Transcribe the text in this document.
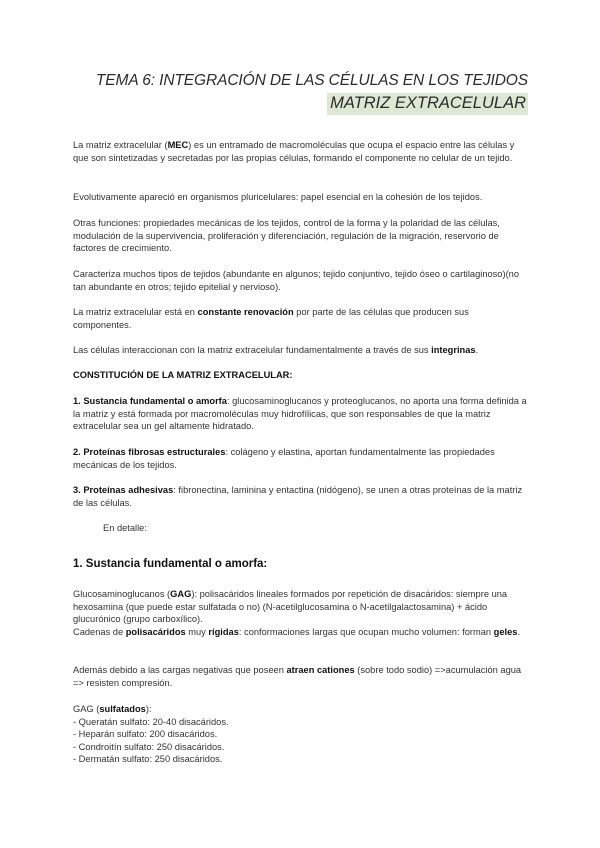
TEMA 6: INTEGRACIÓN DE LAS CÉLULAS EN LOS TEJIDOS
MATRIZ EXTRACELULAR

La matriz extracelular (MEC) es un entramado de macromoléculas que ocupa el espacio entre las células y que son sintetizadas y secretadas por las propias células, formando el componente no celular de un tejido.

Evolutivamente apareció en organismos pluricelulares: papel esencial en la cohesión de los tejidos.

Otras funciones: propiedades mecánicas de los tejidos, control de la forma y la polaridad de las células, modulación de la supervivencia, proliferación y diferenciación, regulación de la migración, reservorio de factores de crecimiento.

Caracteriza muchos tipos de tejidos (abundante en algunos; tejido conjuntivo, tejido óseo o cartilaginoso)(no tan abundante en otros; tejido epitelial y nervioso).

La matriz extracelular está en constante renovación por parte de las células que producen sus componentes.

Las células interaccionan con la matriz extracelular fundamentalmente a través de sus integrinas.

CONSTITUCIÓN DE LA MATRIZ EXTRACELULAR:

1. Sustancia fundamental o amorfa: glucosaminoglucanos y proteoglucanos, no aporta una forma definida a la matriz y está formada por macromoléculas muy hidrofílicas, que son responsables de que la matriz extracelular sea un gel altamente hidratado.

2. Proteínas fibrosas estructurales: colágeno y elastina, aportan fundamentalmente las propiedades mecánicas de los tejidos.

3. Proteínas adhesivas: fibronectina, laminina y entactina (nidógeno), se unen a otras proteínas de la matriz de las células.

En detalle:

1. Sustancia fundamental o amorfa:

Glucosaminoglucanos (GAG): polisacáridos lineales formados por repetición de disacáridos: siempre una hexosamina (que puede estar sulfatada o no) (N-acetilglucosamina o N-acetilgalactosamina) + ácido glucurónico (grupo carboxílico).

Cadenas de polisacáridos muy rígidas: conformaciones largas que ocupan mucho volumen: forman geles.

Además debido a las cargas negativas que poseen atraen cationes (sobre todo sodio) =>acumulación agua => resisten compresión.

GAG (sulfatados):
- Queratán sulfato: 20-40 disacáridos.
- Heparán sulfato: 200 disacáridos.
- Condroitín sulfato: 250 disacáridos.
- Dermatán sulfato: 250 disacáridos.
